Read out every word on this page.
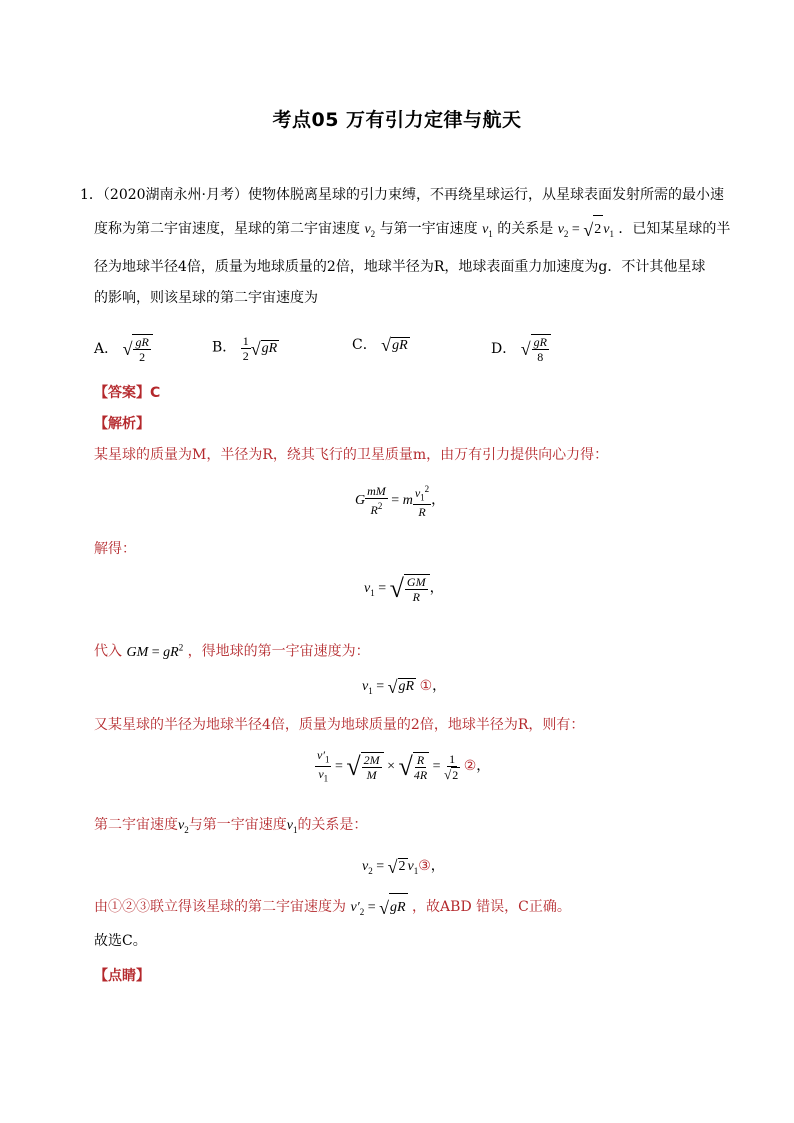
考点05 万有引力定律与航天
1．（2020湖南永州·月考）使物体脱离星球的引力束缚，不再绕星球运行，从星球表面发射所需的最小速
度称为第二宇宙速度，星球的第二宇宙速度 $v_2$ 与第一宇宙速度 $v_1$ 的关系是 $v_2$ = √ 2 $v_1$ ．已知某星球的半
径为地球半径4倍，质量为地球质量的2倍，地球半径为R，地球表面重力加速度为g．不计其他星球
的影响，则该星球的第二宇宙速度为
A． √ $\frac{gR}{2}$	B． $\frac{1}{2}$ √ gR	C． √ gR	D． √ $\frac{gR}{8}$
【答案】C
【解析】
某星球的质量为M，半径为R，绕其飞行的卫星质量m，由万有引力提供向心力得：
G $\frac{mM}{R^2} = m \frac{v_1^2}{R}$ ，
解得：
$v_1$ = √ $\frac{GM}{R}$ ，
代入 GM = $gR^2$ ，得地球的第一宇宙速度为：
$v_1$ = √ gR ①，
又某星球的半径为地球半径4倍，质量为地球质量的2倍，地球半径为R，则有：
$\frac{v'_1}{v_1}$ = √ $\frac{2M}{M}$ × √ $\frac{R}{4R} = \frac{1}{√ 2}$ ②，
第二宇宙速度$v_2$与第一宇宙速度$v_1$的关系是：
$v_2$ = √ 2 $v_1③$，
由①②③联立得该星球的第二宇宙速度为 $v'_2$ = √ gR ，故ABD 错误，C正确。
故选C。
【点睛】
